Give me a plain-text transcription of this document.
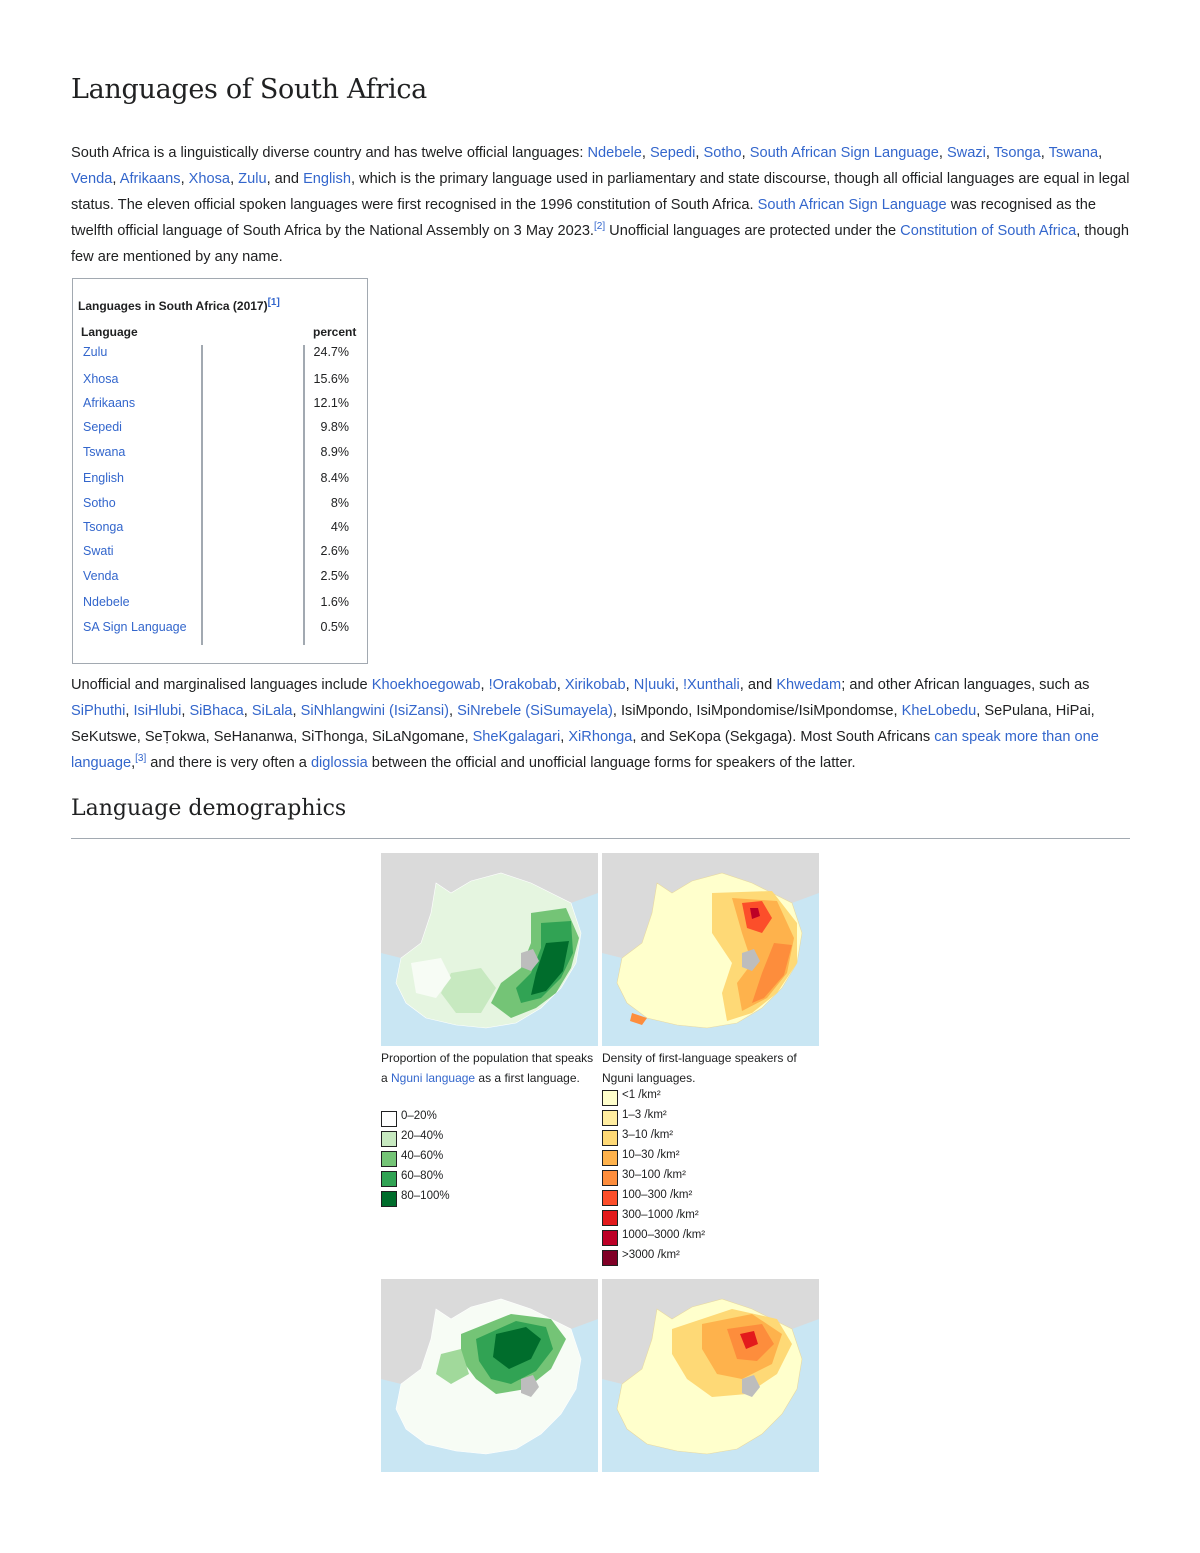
Languages of South Africa

South Africa is a linguistically diverse country and has twelve official languages: Ndebele, Sepedi, Sotho, South African Sign Language, Swazi, Tsonga, Tswana, Venda, Afrikaans, Xhosa, Zulu, and English, which is the primary language used in parliamentary and state discourse, though all official languages are equal in legal status. The eleven official spoken languages were first recognised in the 1996 constitution of South Africa. South African Sign Language was recognised as the twelfth official language of South Africa by the National Assembly on 3 May 2023.[2] Unofficial languages are protected under the Constitution of South Africa, though few are mentioned by any name.

Languages in South Africa (2017)[1]
Language	percent
Zulu	24.7%
Xhosa	15.6%
Afrikaans	12.1%
Sepedi	9.8%
Tswana	8.9%
English	8.4%
Sotho	8%
Tsonga	4%
Swati	2.6%
Venda	2.5%
Ndebele	1.6%
SA Sign Language	0.5%

Unofficial and marginalised languages include Khoekhoegowab, !Orakobab, Xirikobab, N|uuki, !Xunthali, and Khwedam; and other African languages, such as SiPhuthi, IsiHlubi, SiBhaca, SiLala, SiNhlangwini (IsiZansi), SiNrebele (SiSumayela), IsiMpondo, IsiMpondomise/IsiMpondomse, KheLobedu, SePulana, HiPai, SeKutswe, SeṬokwa, SeHananwa, SiThonga, SiLaNgomane, SheKgalagari, XiRhonga, and SeKopa (Sekgaga). Most South Africans can speak more than one language,[3] and there is very often a diglossia between the official and unofficial language forms for speakers of the latter.

Language demographics
Proportion of the population that speaks a Nguni language as a first language.
Density of first-language speakers of Nguni languages.
0–20%
20–40%
40–60%
60–80%
80–100%
<1 /km²
1–3 /km²
3–10 /km²
10–30 /km²
30–100 /km²
100–300 /km²
300–1000 /km²
1000–3000 /km²
>3000 /km²
